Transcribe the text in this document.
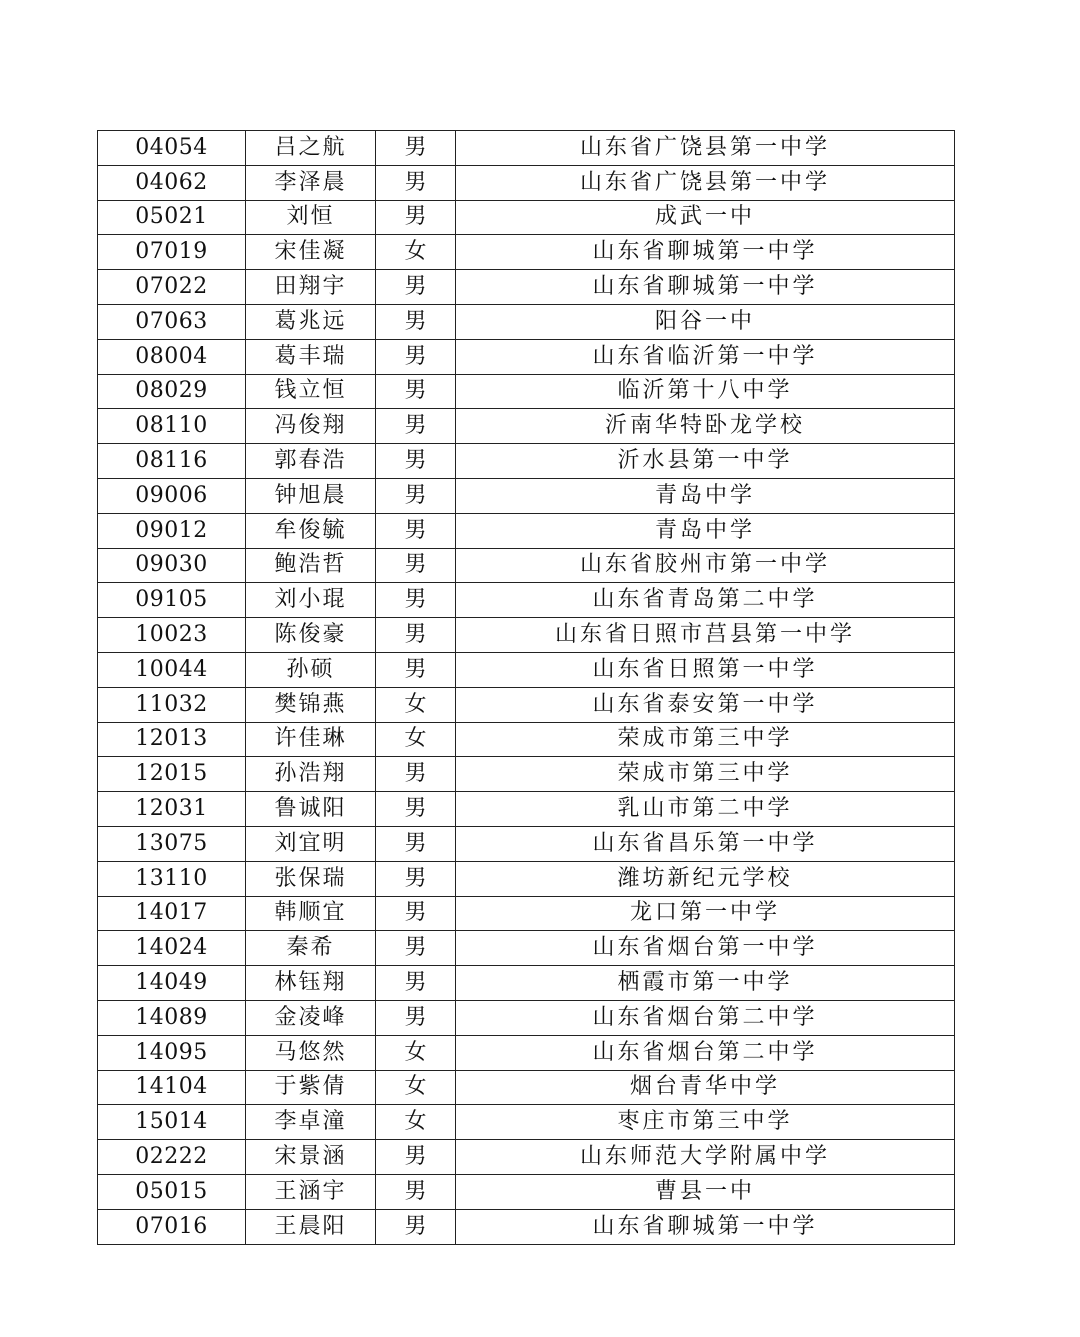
04054	吕之航	男	山东省广饶县第一中学
04062	李泽晨	男	山东省广饶县第一中学
05021	刘恒	男	成武一中
07019	宋佳凝	女	山东省聊城第一中学
07022	田翔宇	男	山东省聊城第一中学
07063	葛兆远	男	阳谷一中
08004	葛丰瑞	男	山东省临沂第一中学
08029	钱立恒	男	临沂第十八中学
08110	冯俊翔	男	沂南华特卧龙学校
08116	郭春浩	男	沂水县第一中学
09006	钟旭晨	男	青岛中学
09012	牟俊毓	男	青岛中学
09030	鲍浩哲	男	山东省胶州市第一中学
09105	刘小琨	男	山东省青岛第二中学
10023	陈俊豪	男	山东省日照市莒县第一中学
10044	孙硕	男	山东省日照第一中学
11032	樊锦燕	女	山东省泰安第一中学
12013	许佳琳	女	荣成市第三中学
12015	孙浩翔	男	荣成市第三中学
12031	鲁诚阳	男	乳山市第二中学
13075	刘宜明	男	山东省昌乐第一中学
13110	张保瑞	男	潍坊新纪元学校
14017	韩顺宜	男	龙口第一中学
14024	秦希	男	山东省烟台第一中学
14049	林钰翔	男	栖霞市第一中学
14089	金凌峰	男	山东省烟台第二中学
14095	马悠然	女	山东省烟台第二中学
14104	于紫倩	女	烟台青华中学
15014	李卓潼	女	枣庄市第三中学
02222	宋景涵	男	山东师范大学附属中学
05015	王涵宇	男	曹县一中
07016	王晨阳	男	山东省聊城第一中学
